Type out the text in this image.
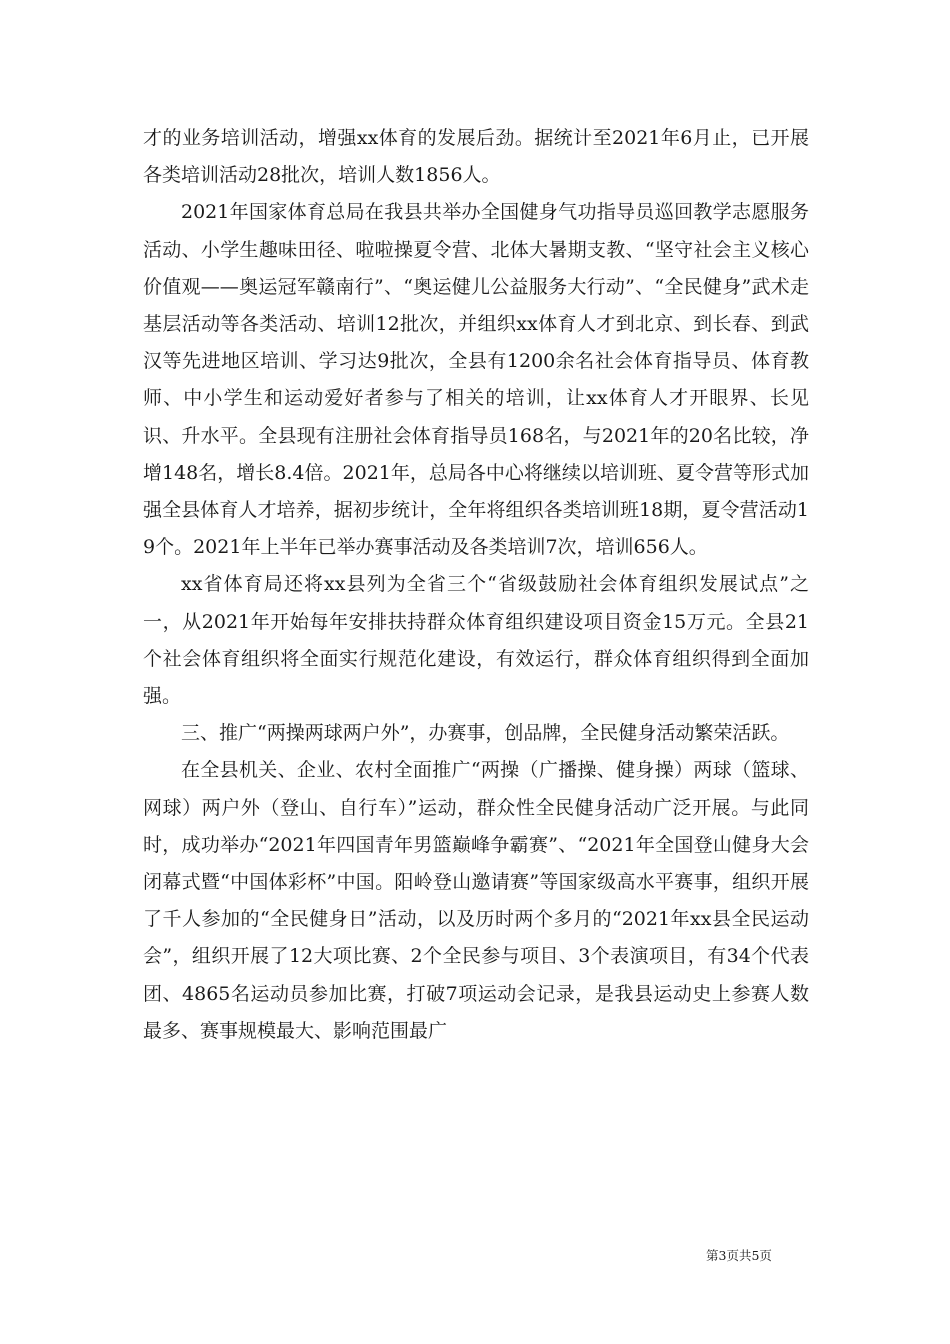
才的业务培训活动，增强xx体育的发展后劲。据统计至2021年6月止，已开展各类培训活动28批次，培训人数1856人。

2021年国家体育总局在我县共举办全国健身气功指导员巡回教学志愿服务活动、小学生趣味田径、啦啦操夏令营、北体大暑期支教、“坚守社会主义核心价值观——奥运冠军赣南行”、“奥运健儿公益服务大行动”、“全民健身”武术走基层活动等各类活动、培训12批次，并组织xx体育人才到北京、到长春、到武汉等先进地区培训、学习达9批次，全县有1200余名社会体育指导员、体育教师、中小学生和运动爱好者参与了相关的培训，让xx体育人才开眼界、长见识、升水平。全县现有注册社会体育指导员168名，与2021年的20名比较，净增148名，增长8.4倍。2021年，总局各中心将继续以培训班、夏令营等形式加强全县体育人才培养，据初步统计，全年将组织各类培训班18期，夏令营活动19个。2021年上半年已举办赛事活动及各类培训7次，培训656人。

xx省体育局还将xx县列为全省三个“省级鼓励社会体育组织发展试点”之一，从2021年开始每年安排扶持群众体育组织建设项目资金15万元。全县21个社会体育组织将全面实行规范化建设，有效运行，群众体育组织得到全面加强。

三、推广“两操两球两户外”，办赛事，创品牌，全民健身活动繁荣活跃。

在全县机关、企业、农村全面推广“两操（广播操、健身操）两球（篮球、网球）两户外（登山、自行车）”运动，群众性全民健身活动广泛开展。与此同时，成功举办“2021年四国青年男篮巅峰争霸赛”、“2021年全国登山健身大会闭幕式暨“中国体彩杯”中国。阳岭登山邀请赛”等国家级高水平赛事，组织开展了千人参加的“全民健身日”活动，以及历时两个多月的“2021年xx县全民运动会”，组织开展了12大项比赛、2个全民参与项目、3个表演项目，有34个代表团、4865名运动员参加比赛，打破7项运动会记录，是我县运动史上参赛人数最多、赛事规模最大、影响范围最广

第3页共5页
